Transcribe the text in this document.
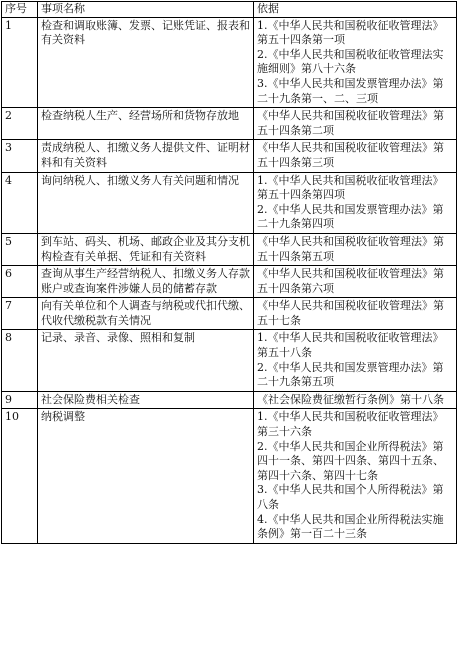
序号	事项名称	依据
1	检查和调取账簿、发票、记账凭证、报表和有关资料	1.《中华人民共和国税收征收管理法》第五十四条第一项
2.《中华人民共和国税收征收管理法实施细则》第八十六条
3.《中华人民共和国发票管理办法》第二十九条第一、二、三项

2	检查纳税人生产、经营场所和货物存放地	《中华人民共和国税收征收管理法》第五十四条第二项

3	责成纳税人、扣缴义务人提供文件、证明材料和有关资料	《中华人民共和国税收征收管理法》第五十四条第三项

4	询问纳税人、扣缴义务人有关问题和情况	1.《中华人民共和国税收征收管理法》第五十四条第四项
2.《中华人民共和国发票管理办法》第二十九条第四项

5	到车站、码头、机场、邮政企业及其分支机构检查有关单据、凭证和有关资料	《中华人民共和国税收征收管理法》第五十四条第五项

6	查询从事生产经营纳税人、扣缴义务人存款账户或查询案件涉嫌人员的储蓄存款	《中华人民共和国税收征收管理法》第五十四条第六项

7	向有关单位和个人调查与纳税或代扣代缴、代收代缴税款有关情况	《中华人民共和国税收征收管理法》第五十七条

8	记录、录音、录像、照相和复制	1.《中华人民共和国税收征收管理法》第五十八条
2.《中华人民共和国发票管理办法》第二十九条第五项

9	社会保险费相关检查	《社会保险费征缴暂行条例》第十八条

10	纳税调整	1.《中华人民共和国税收征收管理法》第三十六条
2.《中华人民共和国企业所得税法》第四十一条、第四十四条、第四十五条、第四十六条、第四十七条
3.《中华人民共和国个人所得税法》第八条
4.《中华人民共和国企业所得税法实施条例》第一百二十三条
